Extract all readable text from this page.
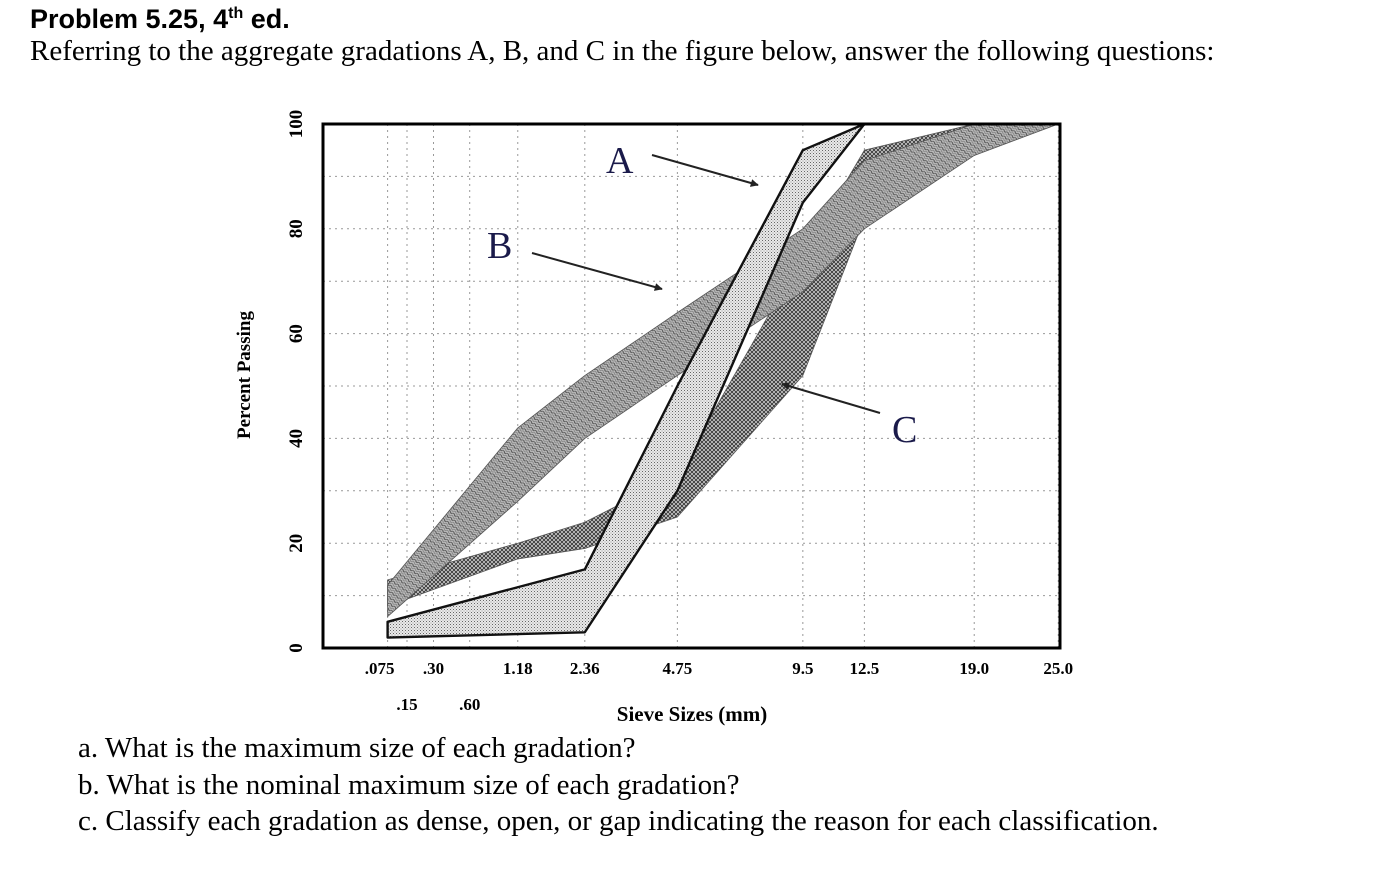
Problem 5.25, 4th ed.
Referring to the aggregate gradations A, B, and C in the figure below, answer the following questions:
0
20
40
60
80
100
.075 .30	1.18 2.36	4.75	9.5 12.5	19.0	25.0
.15 .60
Percent Passing
Sieve Sizes (mm)
A
B
C
a. What is the maximum size of each gradation?
b. What is the nominal maximum size of each gradation?
c. Classify each gradation as dense, open, or gap indicating the reason for each classification.
